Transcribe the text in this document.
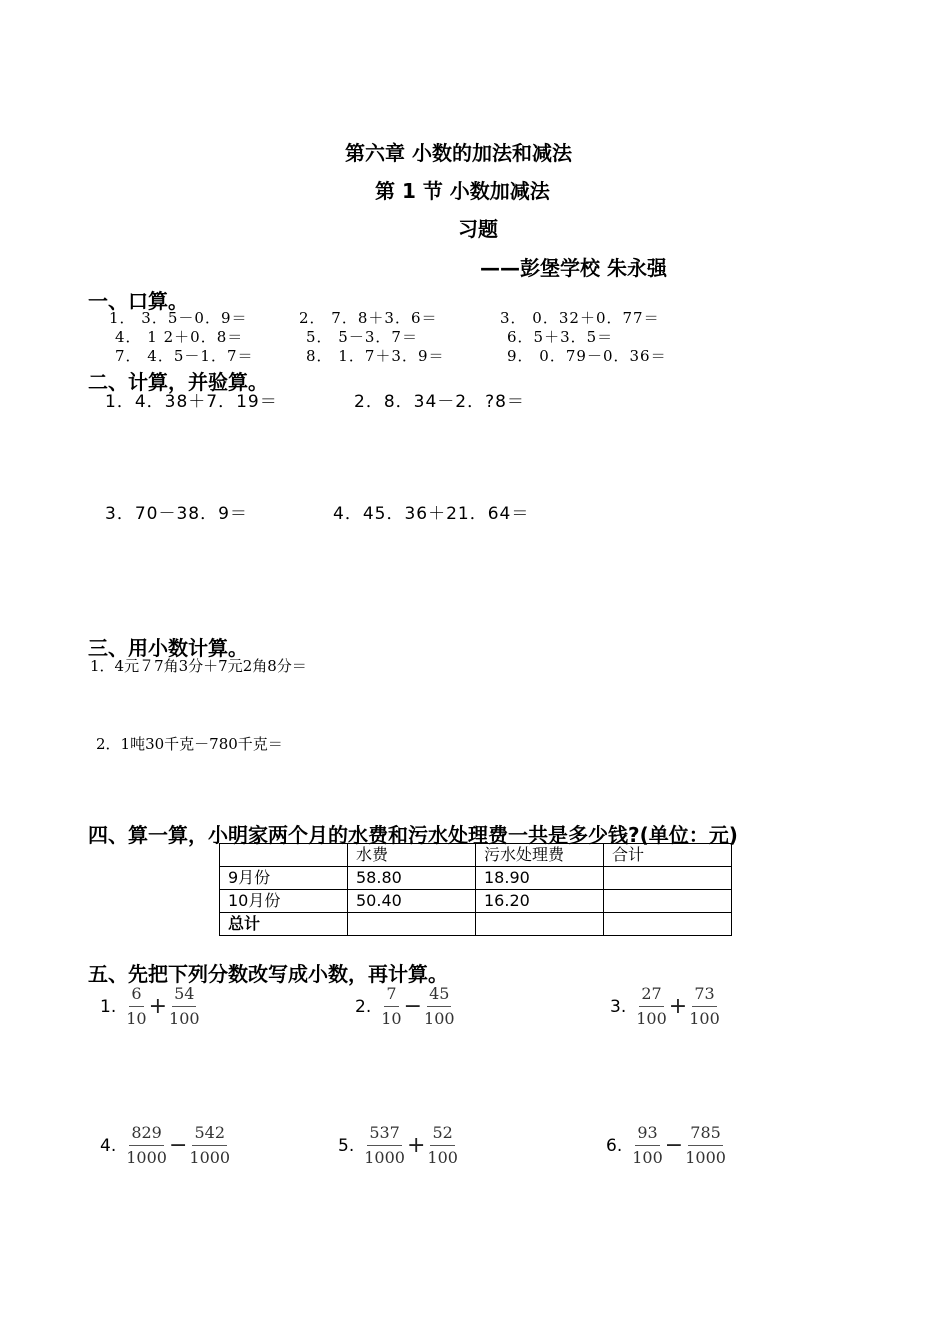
第六章 小数的加法和减法
第 1 节 小数加减法
习题
——彭堡学校 朱永强
一、口算。
1． 3．5－0．9＝	2． 7．8＋3．6＝	3． 0．32＋0．77＝
4． 1 2＋0．8＝	5． 5－3．7＝	6．5＋3．5＝
7． 4．5－1．7＝	8． 1．7＋3．9＝	9． 0．79－0．36＝
二、计算，并验算。
1．4．38＋7．19＝	2．8．34－2．?8＝
3．70－38．9＝	4．45．36＋21．64＝
三、用小数计算。
1．4元７7角3分＋7元2角8分＝
2．1吨30千克－780千克＝
四、算一算，小明家两个月的水费和污水处理费一共是多少钱?(单位：元)
	水费	污水处理费	合计
9月份	58.80	18.90	
10月份	50.40	16.20	
总计			
五、先把下列分数改写成小数，再计算。
1. $\frac{6}{10} + \frac{54}{100}$	2. $\frac{7}{10} - \frac{45}{100}$	3. $\frac{27}{100} + \frac{73}{100}$
4. $\frac{829}{1000} - \frac{542}{1000}$	5. $\frac{537}{1000} + \frac{52}{100}$	6. $\frac{93}{100} - \frac{785}{1000}$
